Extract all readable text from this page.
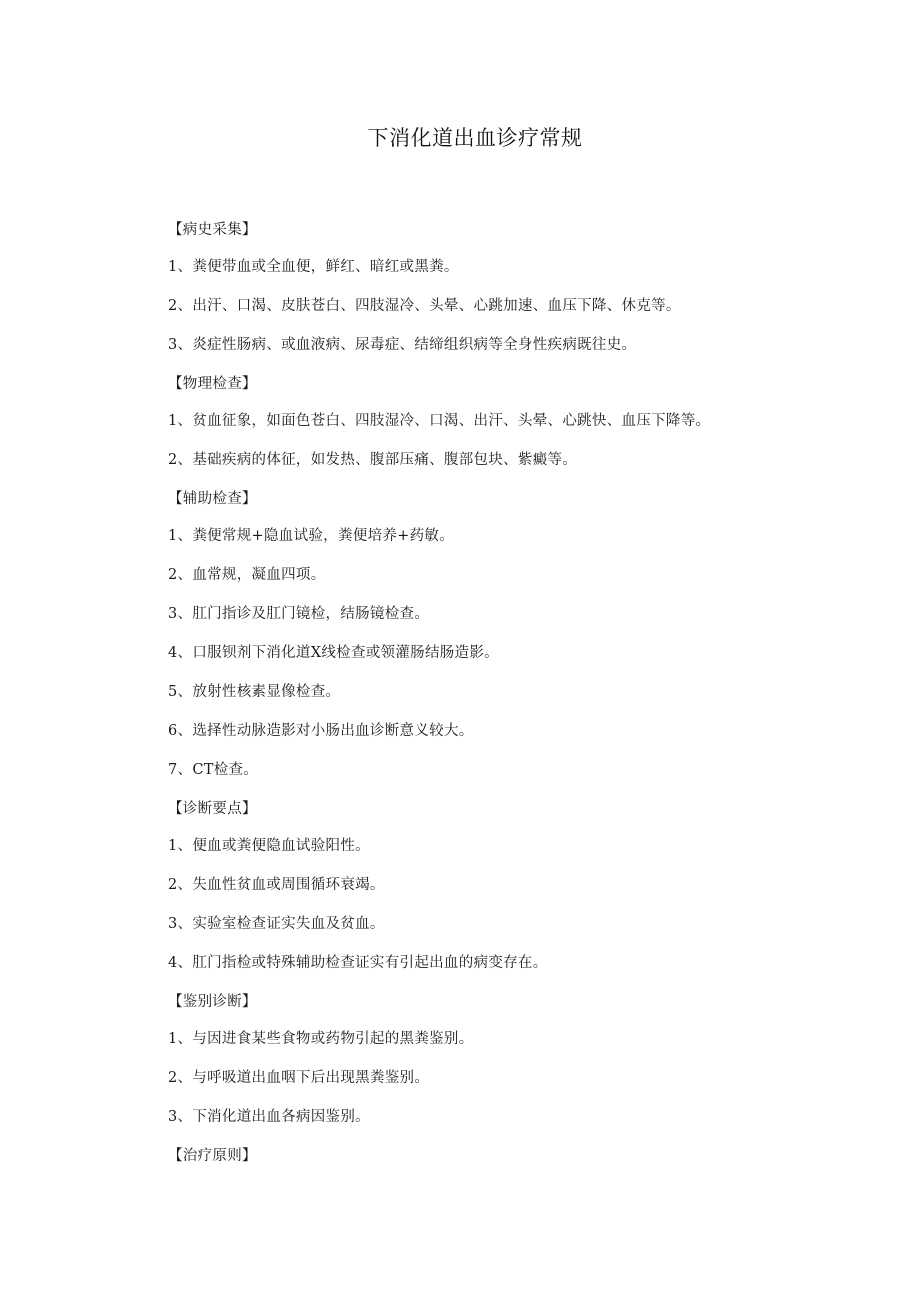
下消化道出血诊疗常规
【病史采集】
1、粪便带血或全血便，鲜红、暗红或黑粪。
2、出汗、口渴、皮肤苍白、四肢湿冷、头晕、心跳加速、血压下降、休克等。
3、炎症性肠病、或血液病、尿毒症、结缔组织病等全身性疾病既往史。
【物理检查】
1、贫血征象，如面色苍白、四肢湿冷、口渴、出汗、头晕、心跳快、血压下降等。
2、基础疾病的体征，如发热、腹部压痛、腹部包块、紫癜等。
【辅助检查】
1、粪便常规+隐血试验，粪便培养+药敏。
2、血常规，凝血四项。
3、肛门指诊及肛门镜检，结肠镜检查。
4、口服钡剂下消化道X线检查或领灌肠结肠造影。
5、放射性核素显像检查。
6、选择性动脉造影对小肠出血诊断意义较大。
7、CT检查。
【诊断要点】
1、便血或粪便隐血试验阳性。
2、失血性贫血或周围循环衰竭。
3、实验室检查证实失血及贫血。
4、肛门指检或特殊辅助检查证实有引起出血的病变存在。
【鉴别诊断】
1、与因进食某些食物或药物引起的黑粪鉴别。
2、与呼吸道出血咽下后出现黑粪鉴别。
3、下消化道出血各病因鉴别。
【治疗原则】
